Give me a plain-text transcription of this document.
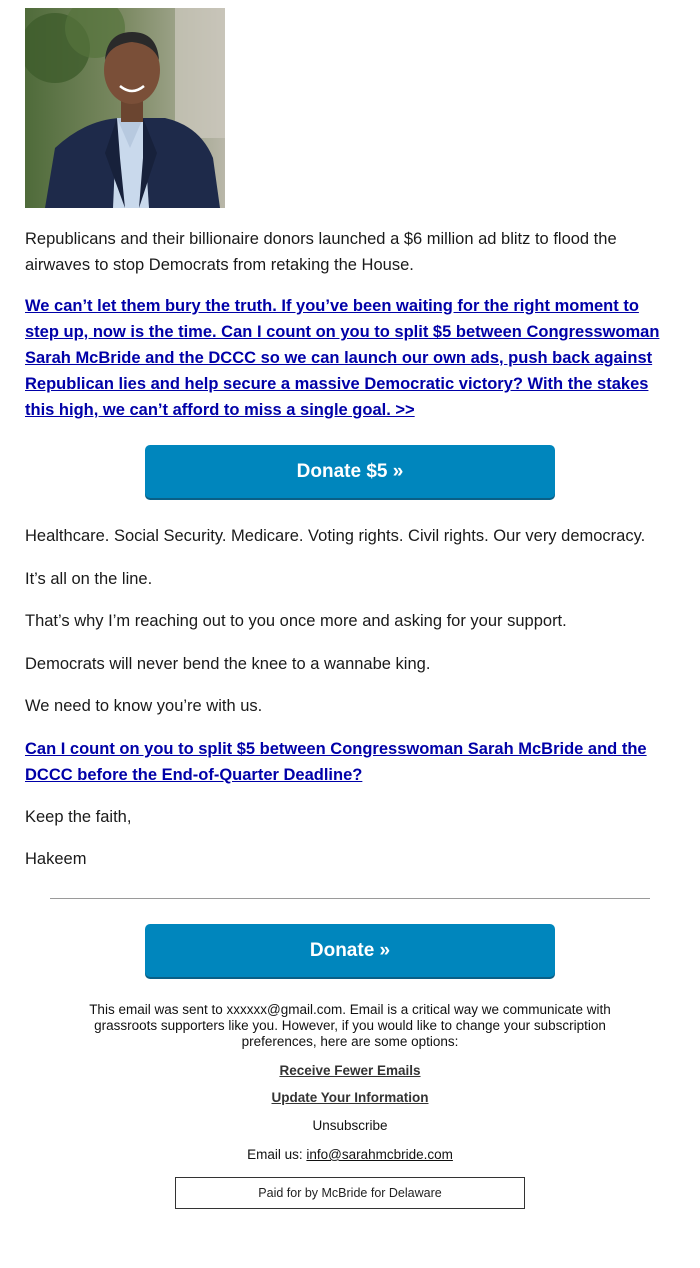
Republicans and their billionaire donors launched a $6 million ad blitz to flood the airwaves to stop Democrats from retaking the House.

We can’t let them bury the truth. If you’ve been waiting for the right moment to step up, now is the time. Can I count on you to split $5 between Congresswoman Sarah McBride and the DCCC so we can launch our own ads, push back against Republican lies and help secure a massive Democratic victory? With the stakes this high, we can’t afford to miss a single goal. >>

Donate $5 »

Healthcare. Social Security. Medicare. Voting rights. Civil rights. Our very democracy.

It’s all on the line.

That’s why I’m reaching out to you once more and asking for your support.

Democrats will never bend the knee to a wannabe king.

We need to know you’re with us.

Can I count on you to split $5 between Congresswoman Sarah McBride and the DCCC before the End-of-Quarter Deadline?

Keep the faith,

Hakeem

Donate »

This email was sent to xxxxxx@gmail.com. Email is a critical way we communicate with grassroots supporters like you. However, if you would like to change your subscription preferences, here are some options:

Receive Fewer Emails

Update Your Information

Unsubscribe

Email us: info@sarahmcbride.com

Paid for by McBride for Delaware
